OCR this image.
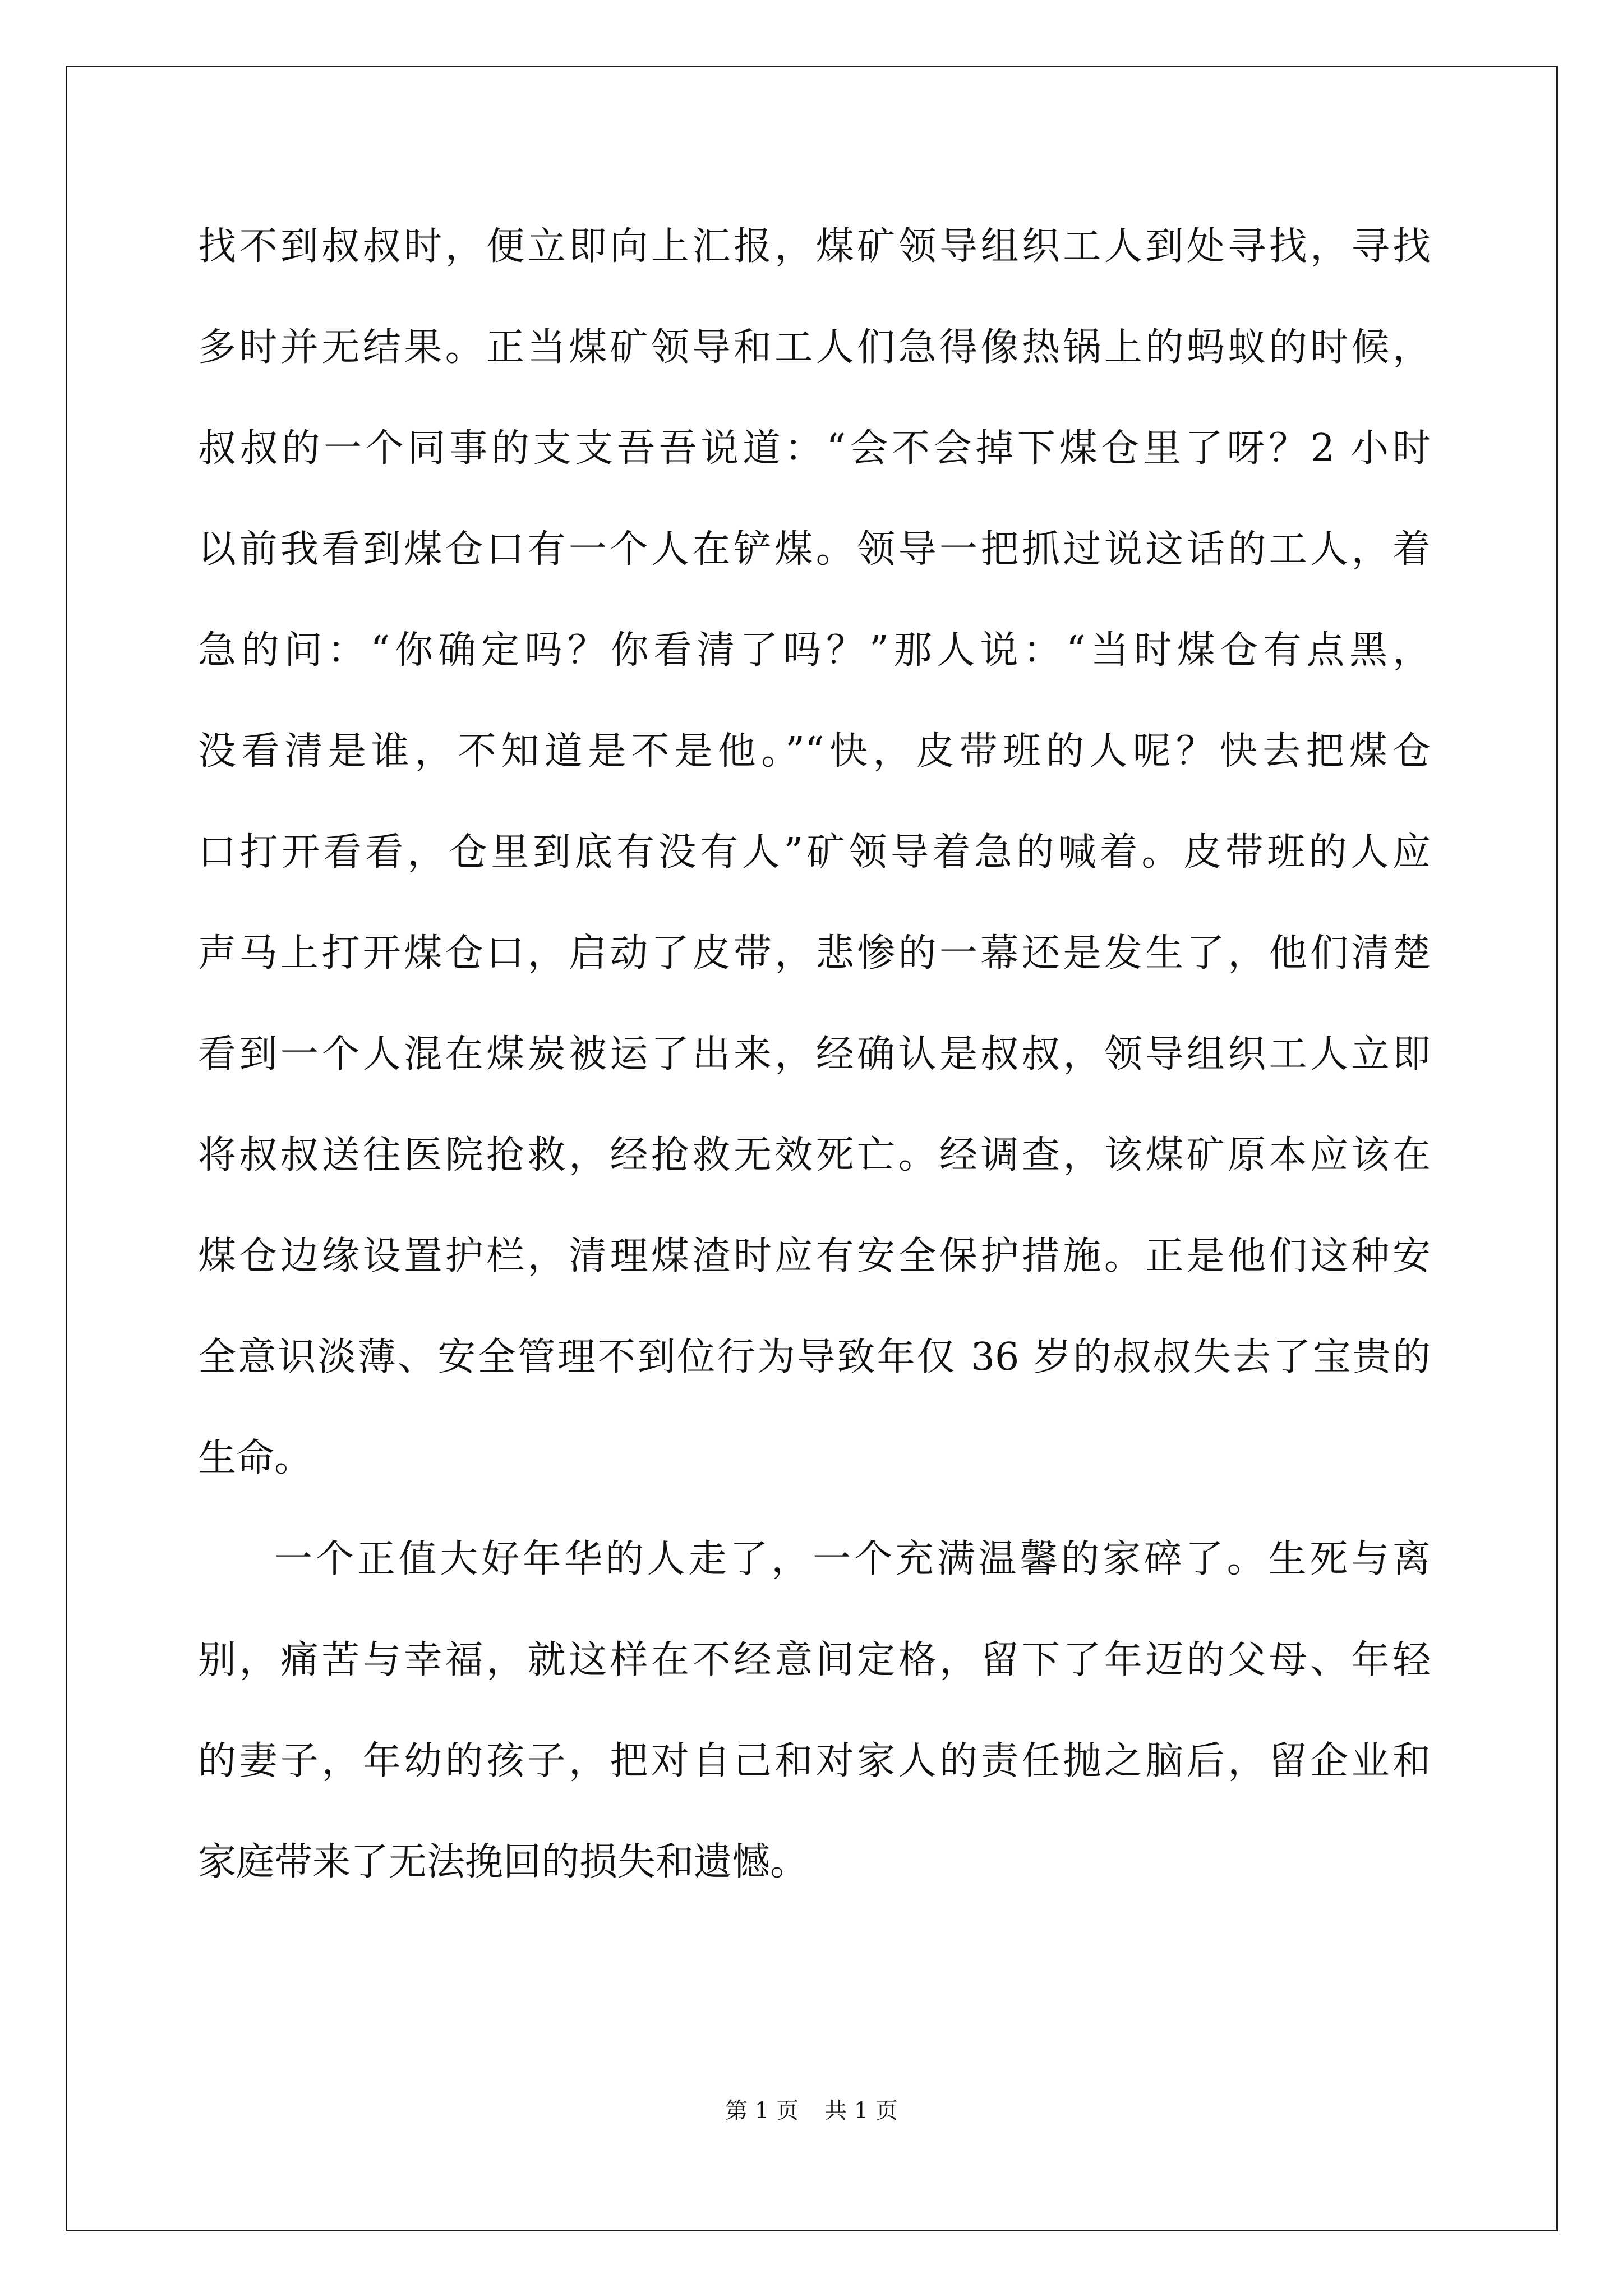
找不到叔叔时，便立即向上汇报，煤矿领导组织工人到处寻找，寻找
多时并无结果。正当煤矿领导和工人们急得像热锅上的蚂蚁的时候，
叔叔的一个同事的支支吾吾说道：“会不会掉下煤仓里了呀？2 小时
以前我看到煤仓口有一个人在铲煤。领导一把抓过说这话的工人，着
急的问：“你确定吗？你看清了吗？”那人说：“当时煤仓有点黑，
没看清是谁，不知道是不是他。”“快，皮带班的人呢？快去把煤仓
口打开看看，仓里到底有没有人”矿领导着急的喊着。皮带班的人应
声马上打开煤仓口，启动了皮带，悲惨的一幕还是发生了，他们清楚
看到一个人混在煤炭被运了出来，经确认是叔叔，领导组织工人立即
将叔叔送往医院抢救，经抢救无效死亡。经调查，该煤矿原本应该在
煤仓边缘设置护栏，清理煤渣时应有安全保护措施。正是他们这种安
全意识淡薄、安全管理不到位行为导致年仅 36 岁的叔叔失去了宝贵的
生命。
一个正值大好年华的人走了，一个充满温馨的家碎了。生死与离
别，痛苦与幸福，就这样在不经意间定格，留下了年迈的父母、年轻
的妻子，年幼的孩子，把对自己和对家人的责任抛之脑后，留企业和
家庭带来了无法挽回的损失和遗憾。
第 1 页 共 1 页
